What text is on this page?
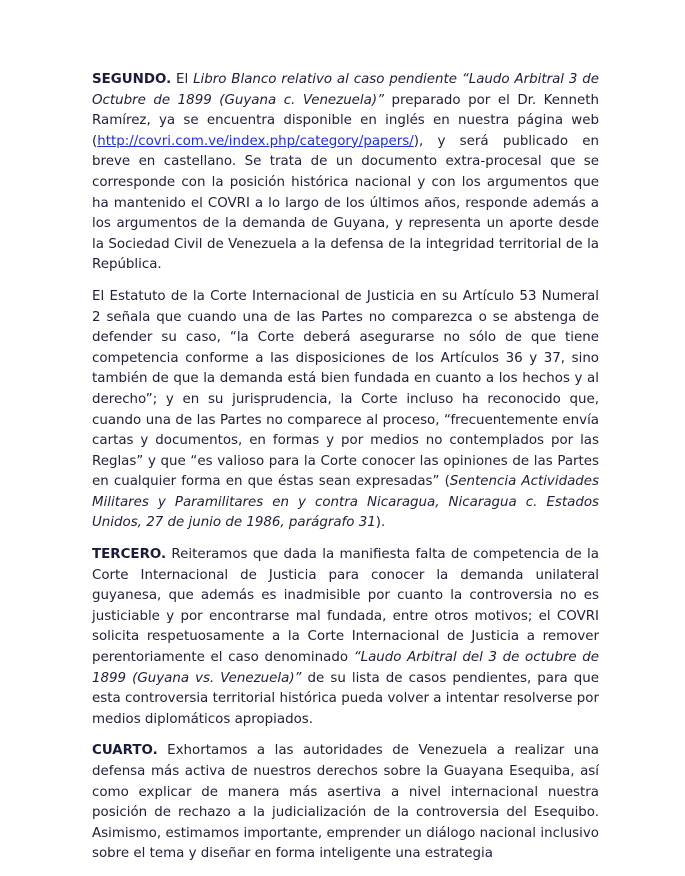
SEGUNDO. El Libro Blanco relativo al caso pendiente “Laudo Arbitral 3 de Octubre de 1899 (Guyana c. Venezuela)” preparado por el Dr. Kenneth Ramírez, ya se encuentra disponible en inglés en nuestra página web (http://covri.com.ve/index.php/category/papers/), y será publicado en breve en castellano. Se trata de un documento extra-procesal que se corresponde con la posición histórica nacional y con los argumentos que ha mantenido el COVRI a lo largo de los últimos años, responde además a los argumentos de la demanda de Guyana, y representa un aporte desde la Sociedad Civil de Venezuela a la defensa de la integridad territorial de la República.

El Estatuto de la Corte Internacional de Justicia en su Artículo 53 Numeral 2 señala que cuando una de las Partes no comparezca o se abstenga de defender su caso, “la Corte deberá asegurarse no sólo de que tiene competencia conforme a las disposiciones de los Artículos 36 y 37, sino también de que la demanda está bien fundada en cuanto a los hechos y al derecho”; y en su jurisprudencia, la Corte incluso ha reconocido que, cuando una de las Partes no comparece al proceso, “frecuentemente envía cartas y documentos, en formas y por medios no contemplados por las Reglas” y que “es valioso para la Corte conocer las opiniones de las Partes en cualquier forma en que éstas sean expresadas” (Sentencia Actividades Militares y Paramilitares en y contra Nicaragua, Nicaragua c. Estados Unidos, 27 de junio de 1986, parágrafo 31).

TERCERO. Reiteramos que dada la manifiesta falta de competencia de la Corte Internacional de Justicia para conocer la demanda unilateral guyanesa, que además es inadmisible por cuanto la controversia no es justiciable y por encontrarse mal fundada, entre otros motivos; el COVRI solicita respetuosamente a la Corte Internacional de Justicia a remover perentoriamente el caso denominado “Laudo Arbitral del 3 de octubre de 1899 (Guyana vs. Venezuela)” de su lista de casos pendientes, para que esta controversia territorial histórica pueda volver a intentar resolverse por medios diplomáticos apropiados.

CUARTO. Exhortamos a las autoridades de Venezuela a realizar una defensa más activa de nuestros derechos sobre la Guayana Esequiba, así como explicar de manera más asertiva a nivel internacional nuestra posición de rechazo a la judicialización de la controversia del Esequibo. Asimismo, estimamos importante, emprender un diálogo nacional inclusivo sobre el tema y diseñar en forma inteligente una estrategia
